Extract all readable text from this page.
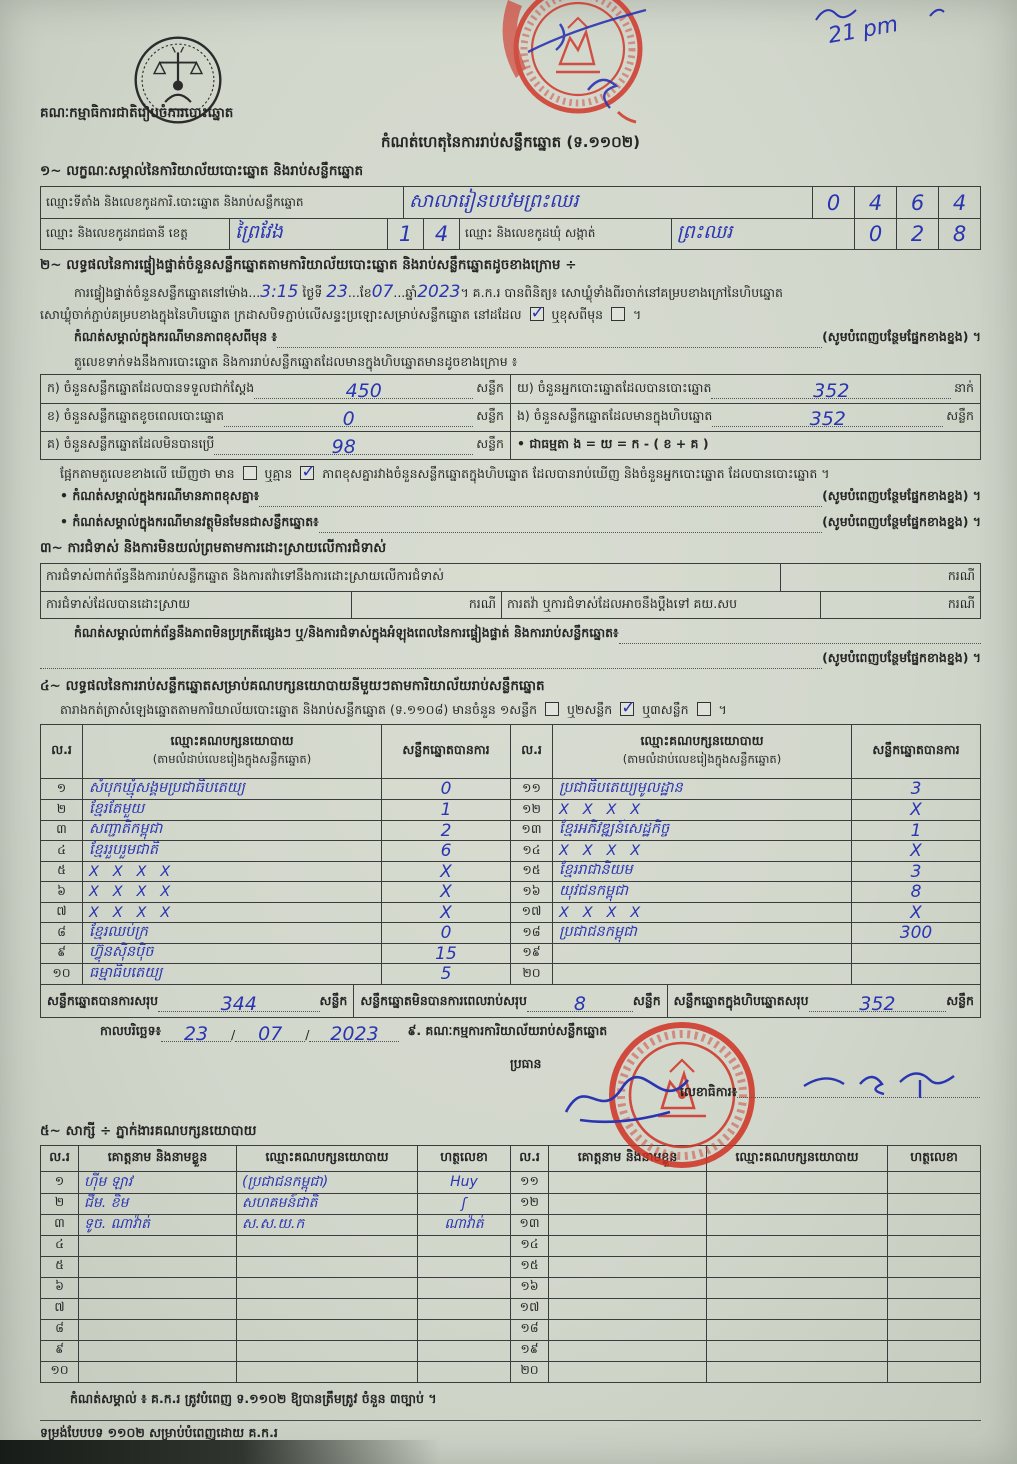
គណៈកម្មាធិការជាតិរៀបចំការបោះឆ្នោត
កំណត់ហេតុនៃការរាប់សន្លឹកឆ្នោត (ទ.១១០២)
21 pm
១~ លក្ខណៈសម្គាល់នៃការិយាល័យបោះឆ្នោត និងរាប់សន្លឹកឆ្នោត
ឈ្មោះទីតាំង និងលេខកូដការិ.បោះឆ្នោត និងរាប់សន្លឹកឆ្នោត	សាលារៀនបឋមព្រះឈរ	0	4	6	4
ឈ្មោះ និងលេខកូដរាជធានី ខេត្ត	ព្រៃវែង	1	4	ឈ្មោះ និងលេខកូដឃុំ សង្កាត់	ព្រះឈរ	0	2	8
២~ លទ្ធផលនៃការផ្ទៀងផ្ទាត់ចំនួនសន្លឹកឆ្នោតតាមការិយាល័យបោះឆ្នោត និងរាប់សន្លឹកឆ្នោតដូចខាងក្រោម ÷
ការផ្ទៀងផ្ទាត់ចំនួនសន្លឹកឆ្នោតនៅម៉ោង...3:15 ថ្ងៃទី 23...ខែ07...ឆ្នាំ2023។ គ.ក.រ បានពិនិត្យ៖ សោឃ្លុំទាំងពីរចាក់នៅគម្របខាងក្រៅនៃហិបឆ្នោត
សោឃ្លុំចាក់ភ្ជាប់គម្របខាងក្នុងនៃហិបឆ្នោត ក្រដាសបិទភ្ជាប់លើសន្ទះប្រឡោះសម្រាប់សន្លឹកឆ្នោត នៅដដែល ✓ ឬខុសពីមុន ។
កំណត់សម្គាល់ក្នុងករណីមានភាពខុសពីមុន ៖	(សូមបំពេញបន្ថែមផ្នែកខាងខ្នង) ។
តួលេខទាក់ទងនឹងការបោះឆ្នោត និងការរាប់សន្លឹកឆ្នោតដែលមានក្នុងហិបឆ្នោតមានដូចខាងក្រោម ៖
ក) ចំនួនសន្លឹកឆ្នោតដែលបានទទួលជាក់ស្តែង	450	សន្លឹក
ខ) ចំនួនសន្លឹកឆ្នោតខូចពេលបោះឆ្នោត	0	សន្លឹក
គ) ចំនួនសន្លឹកឆ្នោតដែលមិនបានប្រើ	98	សន្លឹក
យ) ចំនួនអ្នកបោះឆ្នោតដែលបានបោះឆ្នោត	352	នាក់
ង) ចំនួនសន្លឹកឆ្នោតដែលមានក្នុងហិបឆ្នោត	352	សន្លឹក
• ជាធម្មតា ង = យ = ក - ( ខ + គ )
ផ្អែកតាមតួលេខខាងលើ ឃើញថា មាន ឬគ្មាន ✓ ភាពខុសគ្នារវាងចំនួនសន្លឹកឆ្នោតក្នុងហិបឆ្នោត ដែលបានរាប់ឃើញ និងចំនួនអ្នកបោះឆ្នោត ដែលបានបោះឆ្នោត ។
• កំណត់សម្គាល់ក្នុងករណីមានភាពខុសគ្នា៖	(សូមបំពេញបន្ថែមផ្នែកខាងខ្នង) ។
• កំណត់សម្គាល់ក្នុងករណីមានវត្ថុមិនមែនជាសន្លឹកឆ្នោត៖	(សូមបំពេញបន្ថែមផ្នែកខាងខ្នង) ។
៣~ ការជំទាស់ និងការមិនយល់ព្រមតាមការដោះស្រាយលើការជំទាស់
ការជំទាស់ពាក់ព័ន្ធនឹងការរាប់សន្លឹកឆ្នោត និងការតវ៉ាទៅនឹងការដោះស្រាយលើការជំទាស់	ករណី
ការជំទាស់ដែលបានដោះស្រាយ	ករណី ការតវ៉ា ឬការជំទាស់ដែលអាចនឹងប្តឹងទៅ គយ.សប	ករណី
កំណត់សម្គាល់ពាក់ព័ន្ធនឹងភាពមិនប្រក្រតីផ្សេងៗ ឬ/និងការជំទាស់ក្នុងអំឡុងពេលនៃការផ្ទៀងផ្ទាត់ និងការរាប់សន្លឹកឆ្នោត៖
(សូមបំពេញបន្ថែមផ្នែកខាងខ្នង) ។
៤~ លទ្ធផលនៃការរាប់សន្លឹកឆ្នោតសម្រាប់គណបក្សនយោបាយនីមួយៗតាមការិយាល័យរាប់សន្លឹកឆ្នោត
តារាងកត់ត្រាសំឡេងឆ្នោតតាមការិយាល័យបោះឆ្នោត និងរាប់សន្លឹកឆ្នោត (ទ.១១០៨) មានចំនួន ១សន្លឹក ឬ២សន្លឹក ✓ ឬ៣សន្លឹក ។
ល.រ
ឈ្មោះគណបក្សនយោបាយ
(តាមលំដាប់លេខរៀងក្នុងសន្លឹកឆ្នោត)
សន្លឹកឆ្នោតបានការ
១	សំបុកឃ្មុំសង្គមប្រជាធិបតេយ្យ	0
២	ខ្មែរតែមួយ	1
៣	សញ្ជាតិកម្ពុជា	2
៤	ខ្មែររួបរួមជាតិ	6
៥	X   X   X   X	X
៦	X   X   X   X	X
៧	X   X   X   X	X
៨	ខ្មែរឈប់ក្រ	0
៩	ហ៊្វុនស៊ិនប៉ិច	15
១០	ធម្មាធិបតេយ្យ	5
ល.រ
ឈ្មោះគណបក្សនយោបាយ
(តាមលំដាប់លេខរៀងក្នុងសន្លឹកឆ្នោត)
សន្លឹកឆ្នោតបានការ
១១	ប្រជាធិបតេយ្យមូលដ្ឋាន	3
១២	X   X   X   X	X
១៣	ខ្មែរអភិវឌ្ឍន៍សេដ្ឋកិច្ច	1
១៤	X   X   X   X	X
១៥	ខ្មែររាជានិយម	3
១៦	យុវជនកម្ពុជា	8
១៧	X   X   X   X	X
១៨	ប្រជាជនកម្ពុជា	300
១៩
២០
សន្លឹកឆ្នោតបានការសរុប	344	សន្លឹក សន្លឹកឆ្នោតមិនបានការពេលរាប់សរុប 8	សន្លឹក សន្លឹកឆ្នោតក្នុងហិបឆ្នោតសរុប	352	សន្លឹក
កាលបរិច្ឆេទ៖ 23 / 07 / 2023 ៩. គណៈកម្មការការិយាល័យរាប់សន្លឹកឆ្នោត
ប្រធាន
លេខាធិការ៖
៥~ សាក្សី ÷ ភ្នាក់ងារគណបក្សនយោបាយ
ល.រ	គោត្តនាម និងនាមខ្លួន	ឈ្មោះគណបក្សនយោបាយ	ហត្ថលេខា
១	ហ៊ីម ឡាវ	(ប្រជាជនកម្ពុជា)	Huy
២	ជីម. ខិម	សហគមន៍ជាតិ	ʃ
៣	ទូច. ណាវ៉ាត់	ស.ស.យ.ក	ណាវ៉ាត់
៤
៥
៦
៧
៨
៩
១០
ល.រ	គោត្តនាម និងនាមខ្លួន	ឈ្មោះគណបក្សនយោបាយ	ហត្ថលេខា
១១
១២
១៣
១៤
១៥
១៦
១៧
១៨
១៩
២០
កំណត់សម្គាល់ ៖ គ.ក.រ ត្រូវបំពេញ ទ.១១០២ ឱ្យបានត្រឹមត្រូវ ចំនួន ៣ច្បាប់ ។
ទម្រង់បែបបទ ១១០២ សម្រាប់បំពេញដោយ គ.ក.រ
